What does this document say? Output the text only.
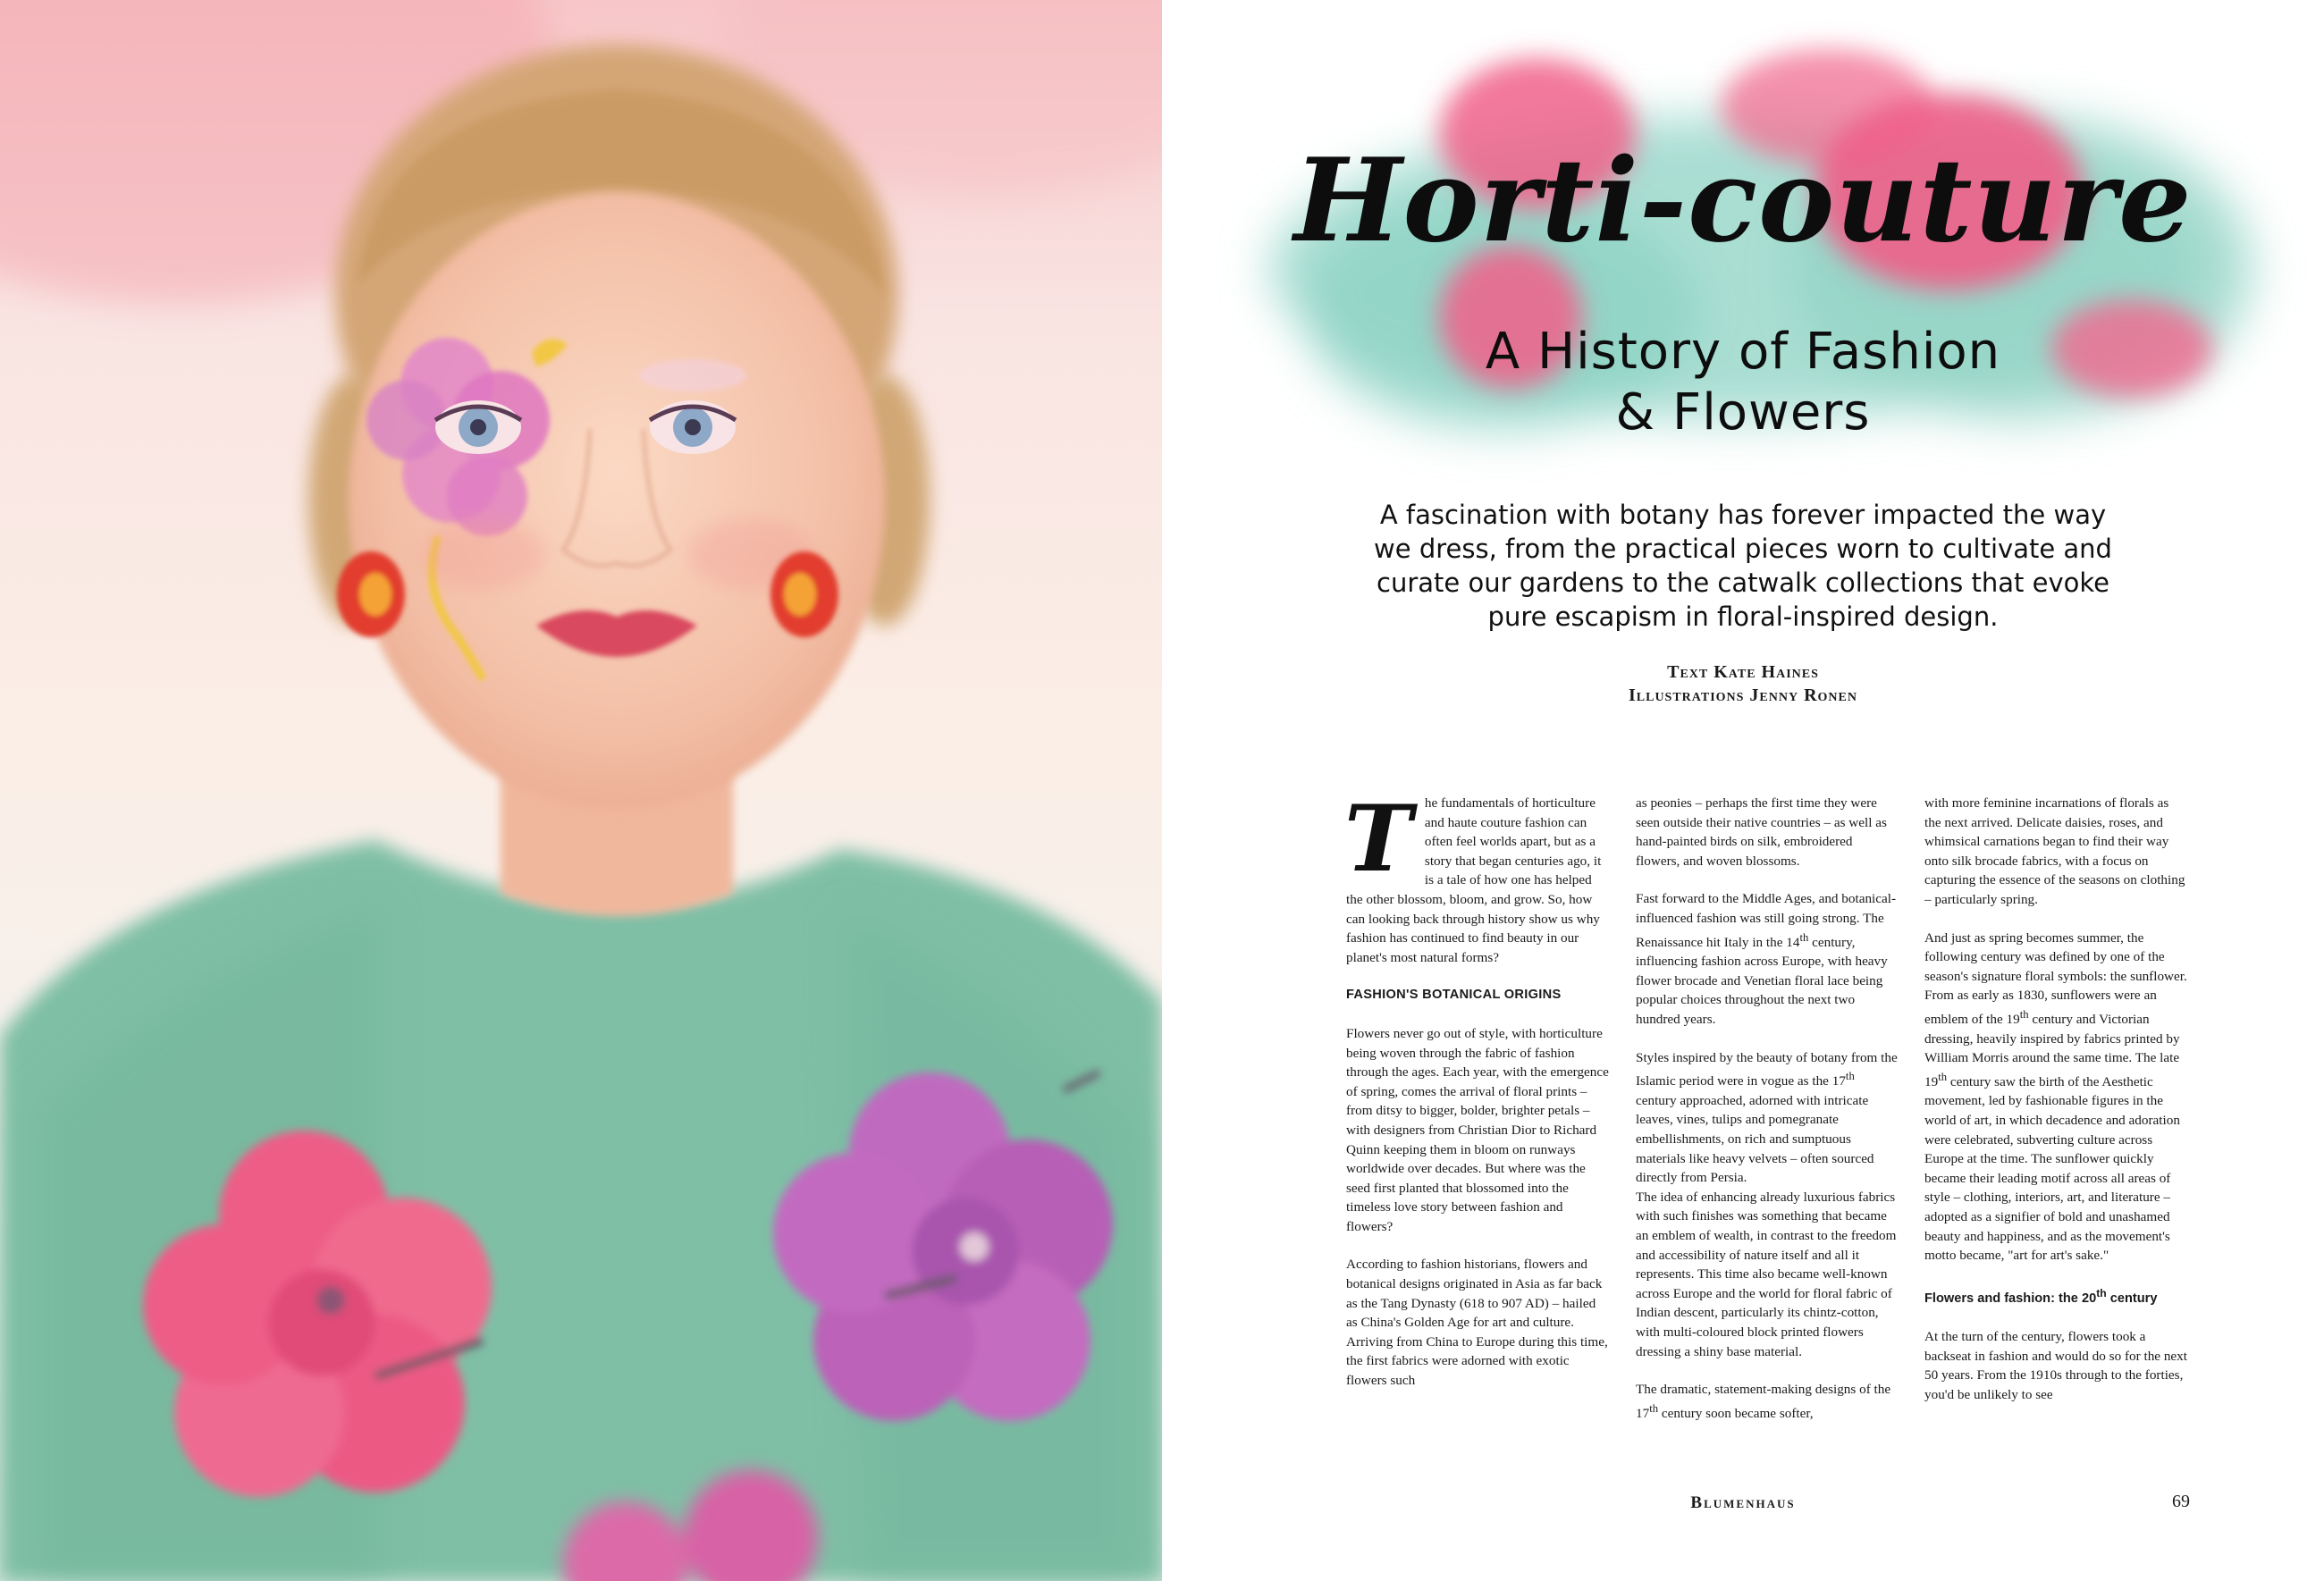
Horti-couture
A History of Fashion
& Flowers
A fascination with botany has forever impacted the way we dress, from the practical pieces worn to cultivate and curate our gardens to the catwalk collections that evoke pure escapism in floral-inspired design.
Text Kate Haines
Illustrations Jenny Ronen

The fundamentals of horticulture and haute couture fashion can often feel worlds apart, but as a story that began centuries ago, it is a tale of how one has helped the other blossom, bloom, and grow. So, how can looking back through history show us why fashion has continued to find beauty in our planet's most natural forms?

FASHION'S BOTANICAL ORIGINS

Flowers never go out of style, with horticulture being woven through the fabric of fashion through the ages. Each year, with the emergence of spring, comes the arrival of floral prints – from ditsy to bigger, bolder, brighter petals – with designers from Christian Dior to Richard Quinn keeping them in bloom on runways worldwide over decades. But where was the seed first planted that blossomed into the timeless love story between fashion and flowers?

According to fashion historians, flowers and botanical designs originated in Asia as far back as the Tang Dynasty (618 to 907 AD) – hailed as China's Golden Age for art and culture. Arriving from China to Europe during this time, the first fabrics were adorned with exotic flowers such

as peonies – perhaps the first time they were seen outside their native countries – as well as hand-painted birds on silk, embroidered flowers, and woven blossoms.

Fast forward to the Middle Ages, and botanical-influenced fashion was still going strong. The Renaissance hit Italy in the 14th century, influencing fashion across Europe, with heavy flower brocade and Venetian floral lace being popular choices throughout the next two hundred years.

Styles inspired by the beauty of botany from the Islamic period were in vogue as the 17th century approached, adorned with intricate leaves, vines, tulips and pomegranate embellishments, on rich and sumptuous materials like heavy velvets – often sourced directly from Persia.

The idea of enhancing already luxurious fabrics with such finishes was something that became an emblem of wealth, in contrast to the freedom and accessibility of nature itself and all it represents. This time also became well-known across Europe and the world for floral fabric of Indian descent, particularly its chintz-cotton, with multi-coloured block printed flowers dressing a shiny base material.

The dramatic, statement-making designs of the 17th century soon became softer,

with more feminine incarnations of florals as the next arrived. Delicate daisies, roses, and whimsical carnations began to find their way onto silk brocade fabrics, with a focus on capturing the essence of the seasons on clothing – particularly spring.

And just as spring becomes summer, the following century was defined by one of the season's signature floral symbols: the sunflower. From as early as 1830, sunflowers were an emblem of the 19th century and Victorian dressing, heavily inspired by fabrics printed by William Morris around the same time. The late 19th century saw the birth of the Aesthetic movement, led by fashionable figures in the world of art, in which decadence and adoration were celebrated, subverting culture across Europe at the time. The sunflower quickly became their leading motif across all areas of style – clothing, interiors, art, and literature – adopted as a signifier of bold and unashamed beauty and happiness, and as the movement's motto became, "art for art's sake."

Flowers and fashion: the 20th century

At the turn of the century, flowers took a backseat in fashion and would do so for the next 50 years. From the 1910s through to the forties, you'd be unlikely to see

Blumenhaus	69
